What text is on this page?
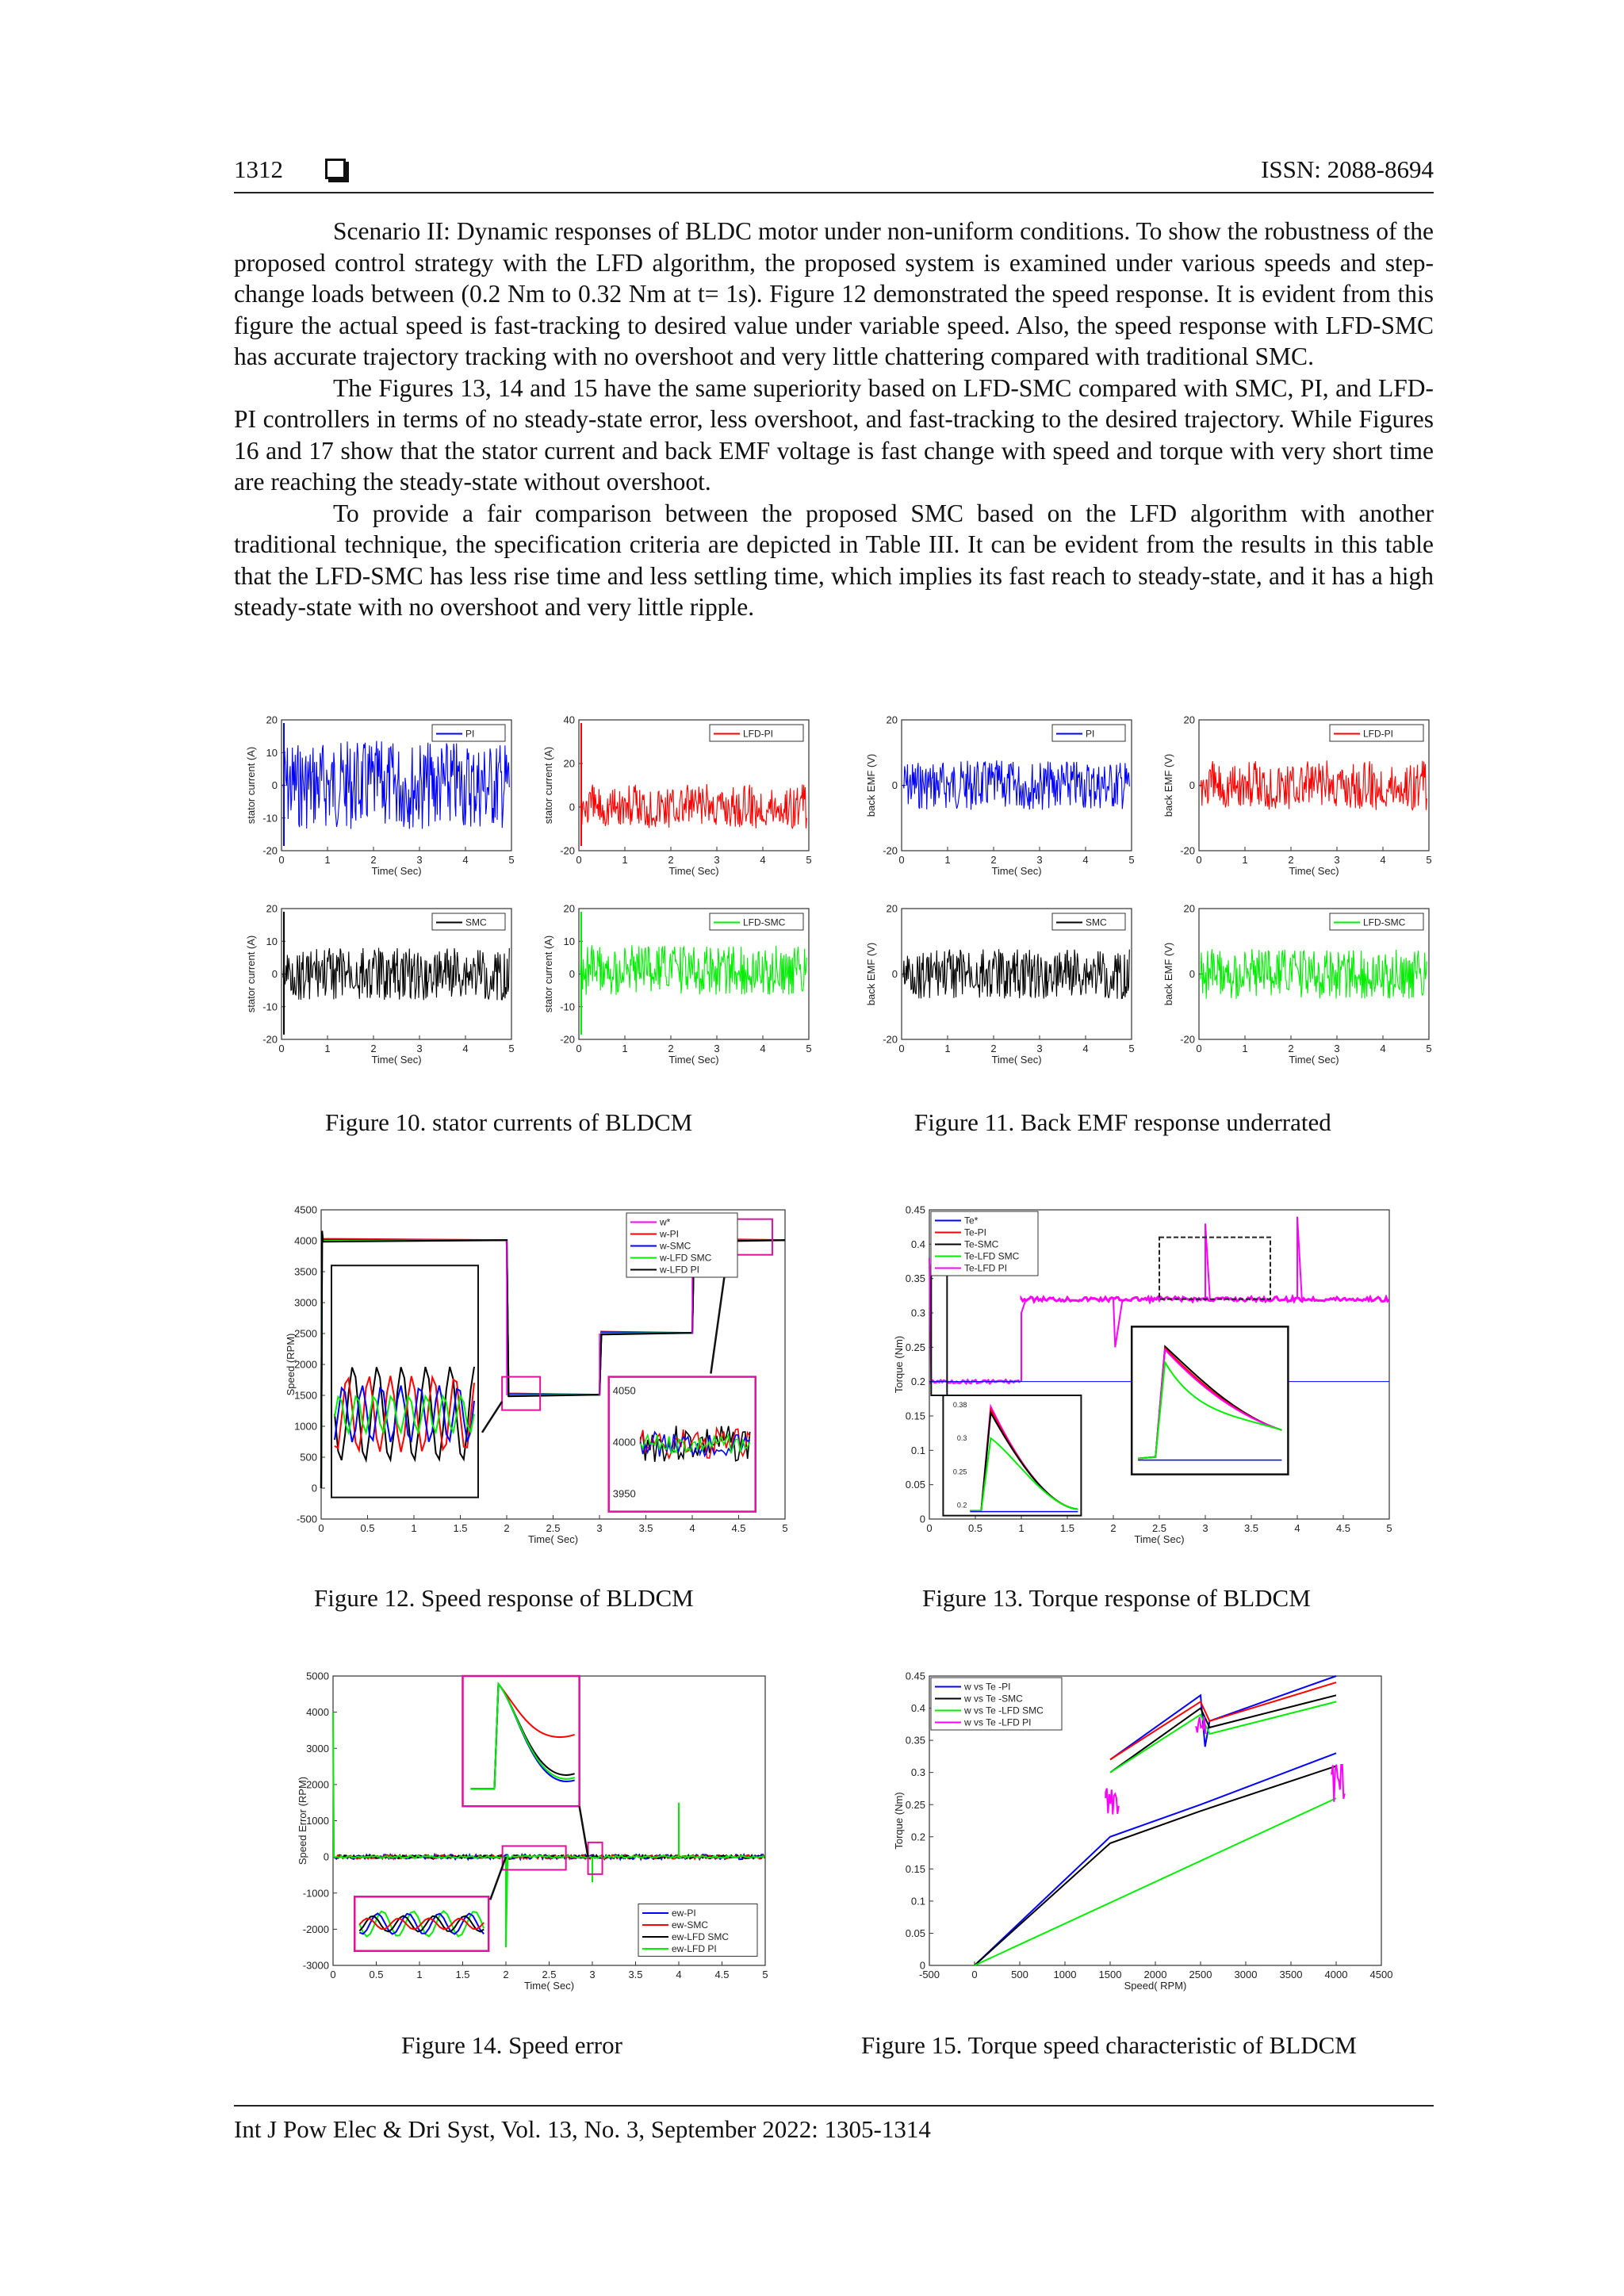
1312	ISSN: 2088-8694

Scenario II: Dynamic responses of BLDC motor under non-uniform conditions. To show the robustness of the proposed control strategy with the LFD algorithm, the proposed system is examined under various speeds and step-change loads between (0.2 Nm to 0.32 Nm at t= 1s). Figure 12 demonstrated the speed response. It is evident from this figure the actual speed is fast-tracking to desired value under variable speed. Also, the speed response with LFD-SMC has accurate trajectory tracking with no overshoot and very little chattering compared with traditional SMC.

The Figures 13, 14 and 15 have the same superiority based on LFD-SMC compared with SMC, PI, and LFD-PI controllers in terms of no steady-state error, less overshoot, and fast-tracking to the desired trajectory. While Figures 16 and 17 show that the stator current and back EMF voltage is fast change with speed and torque with very short time are reaching the steady-state without overshoot.

To provide a fair comparison between the proposed SMC based on the LFD algorithm with another traditional technique, the specification criteria are depicted in Table III. It can be evident from the results in this table that the LFD-SMC has less rise time and less settling time, which implies its fast reach to steady-state, and it has a high steady-state with no overshoot and very little ripple.

20
10
0
-10
-20
0	1	2	3	4	5
stator current (A)
Time( Sec)
PI
40
20
0
-20
0	1	2	3	4	5
stator current (A)
Time( Sec)
LFD-PI
20
10
0
-10
-20
0	1	2	3	4	5
stator current (A)
Time( Sec)
SMC
20
10
0
-10
-20
0	1	2	3	4	5
stator current (A)
Time( Sec)
LFD-SMC
Figure 10. stator currents of BLDCM
20
0
-20
0	1	2	3	4	5
back EMF (V)
Time( Sec)
PI
20
0
-20
0	1	2	3	4	5
back EMF (V)
Time( Sec)
LFD-PI
20
0
-20
0	1	2	3	4	5
back EMF (V)
Time( Sec)
SMC
20
0
-20
0	1	2	3	4	5
back EMF (V)
Time( Sec)
LFD-SMC
Figure 11. Back EMF response underrated
4500
4000
3500
3000
2500
2000
1500
1000
500
0
-500
0	0.5	1	1.5	2	2.5	3	3.5	4	4.5	5
Speed (RPM)
Time( Sec)
4050
4000
3950
w*
w-PI
w-SMC
w-LFD SMC
w-LFD PI
Figure 12. Speed response of BLDCM
0.45
0.4
0.35
0.3
0.25
0.2
0.15
0.1
0.05
0
0	0.5	1	1.5	2	2.5	3	3.5	4	4.5	5
Torque (Nm)
Time( Sec)
0.38
0.3
0.25
0.2
Te*
Te-PI
Te-SMC
Te-LFD SMC
Te-LFD PI
Figure 13. Torque response of BLDCM
5000
4000
3000
2000
1000
0
-1000
-2000
-3000
0	0.5	1	1.5	2	2.5	3	3.5	4	4.5	5
Speed Error (RPM)
Time( Sec)
ew-PI
ew-SMC
ew-LFD SMC
ew-LFD PI
Figure 14. Speed error
0.45
0.4
0.35
0.3
0.25
0.2
0.15
0.1
0.05
0
-500	0	500 1000 1500 2000 2500 3000 3500 4000 4500
Torque (Nm)
Speed( RPM)
w vs Te -PI
w vs Te -SMC
w vs Te -LFD SMC
w vs Te -LFD PI
Figure 15. Torque speed characteristic of BLDCM
Int J Pow Elec & Dri Syst, Vol. 13, No. 3, September 2022: 1305-1314
